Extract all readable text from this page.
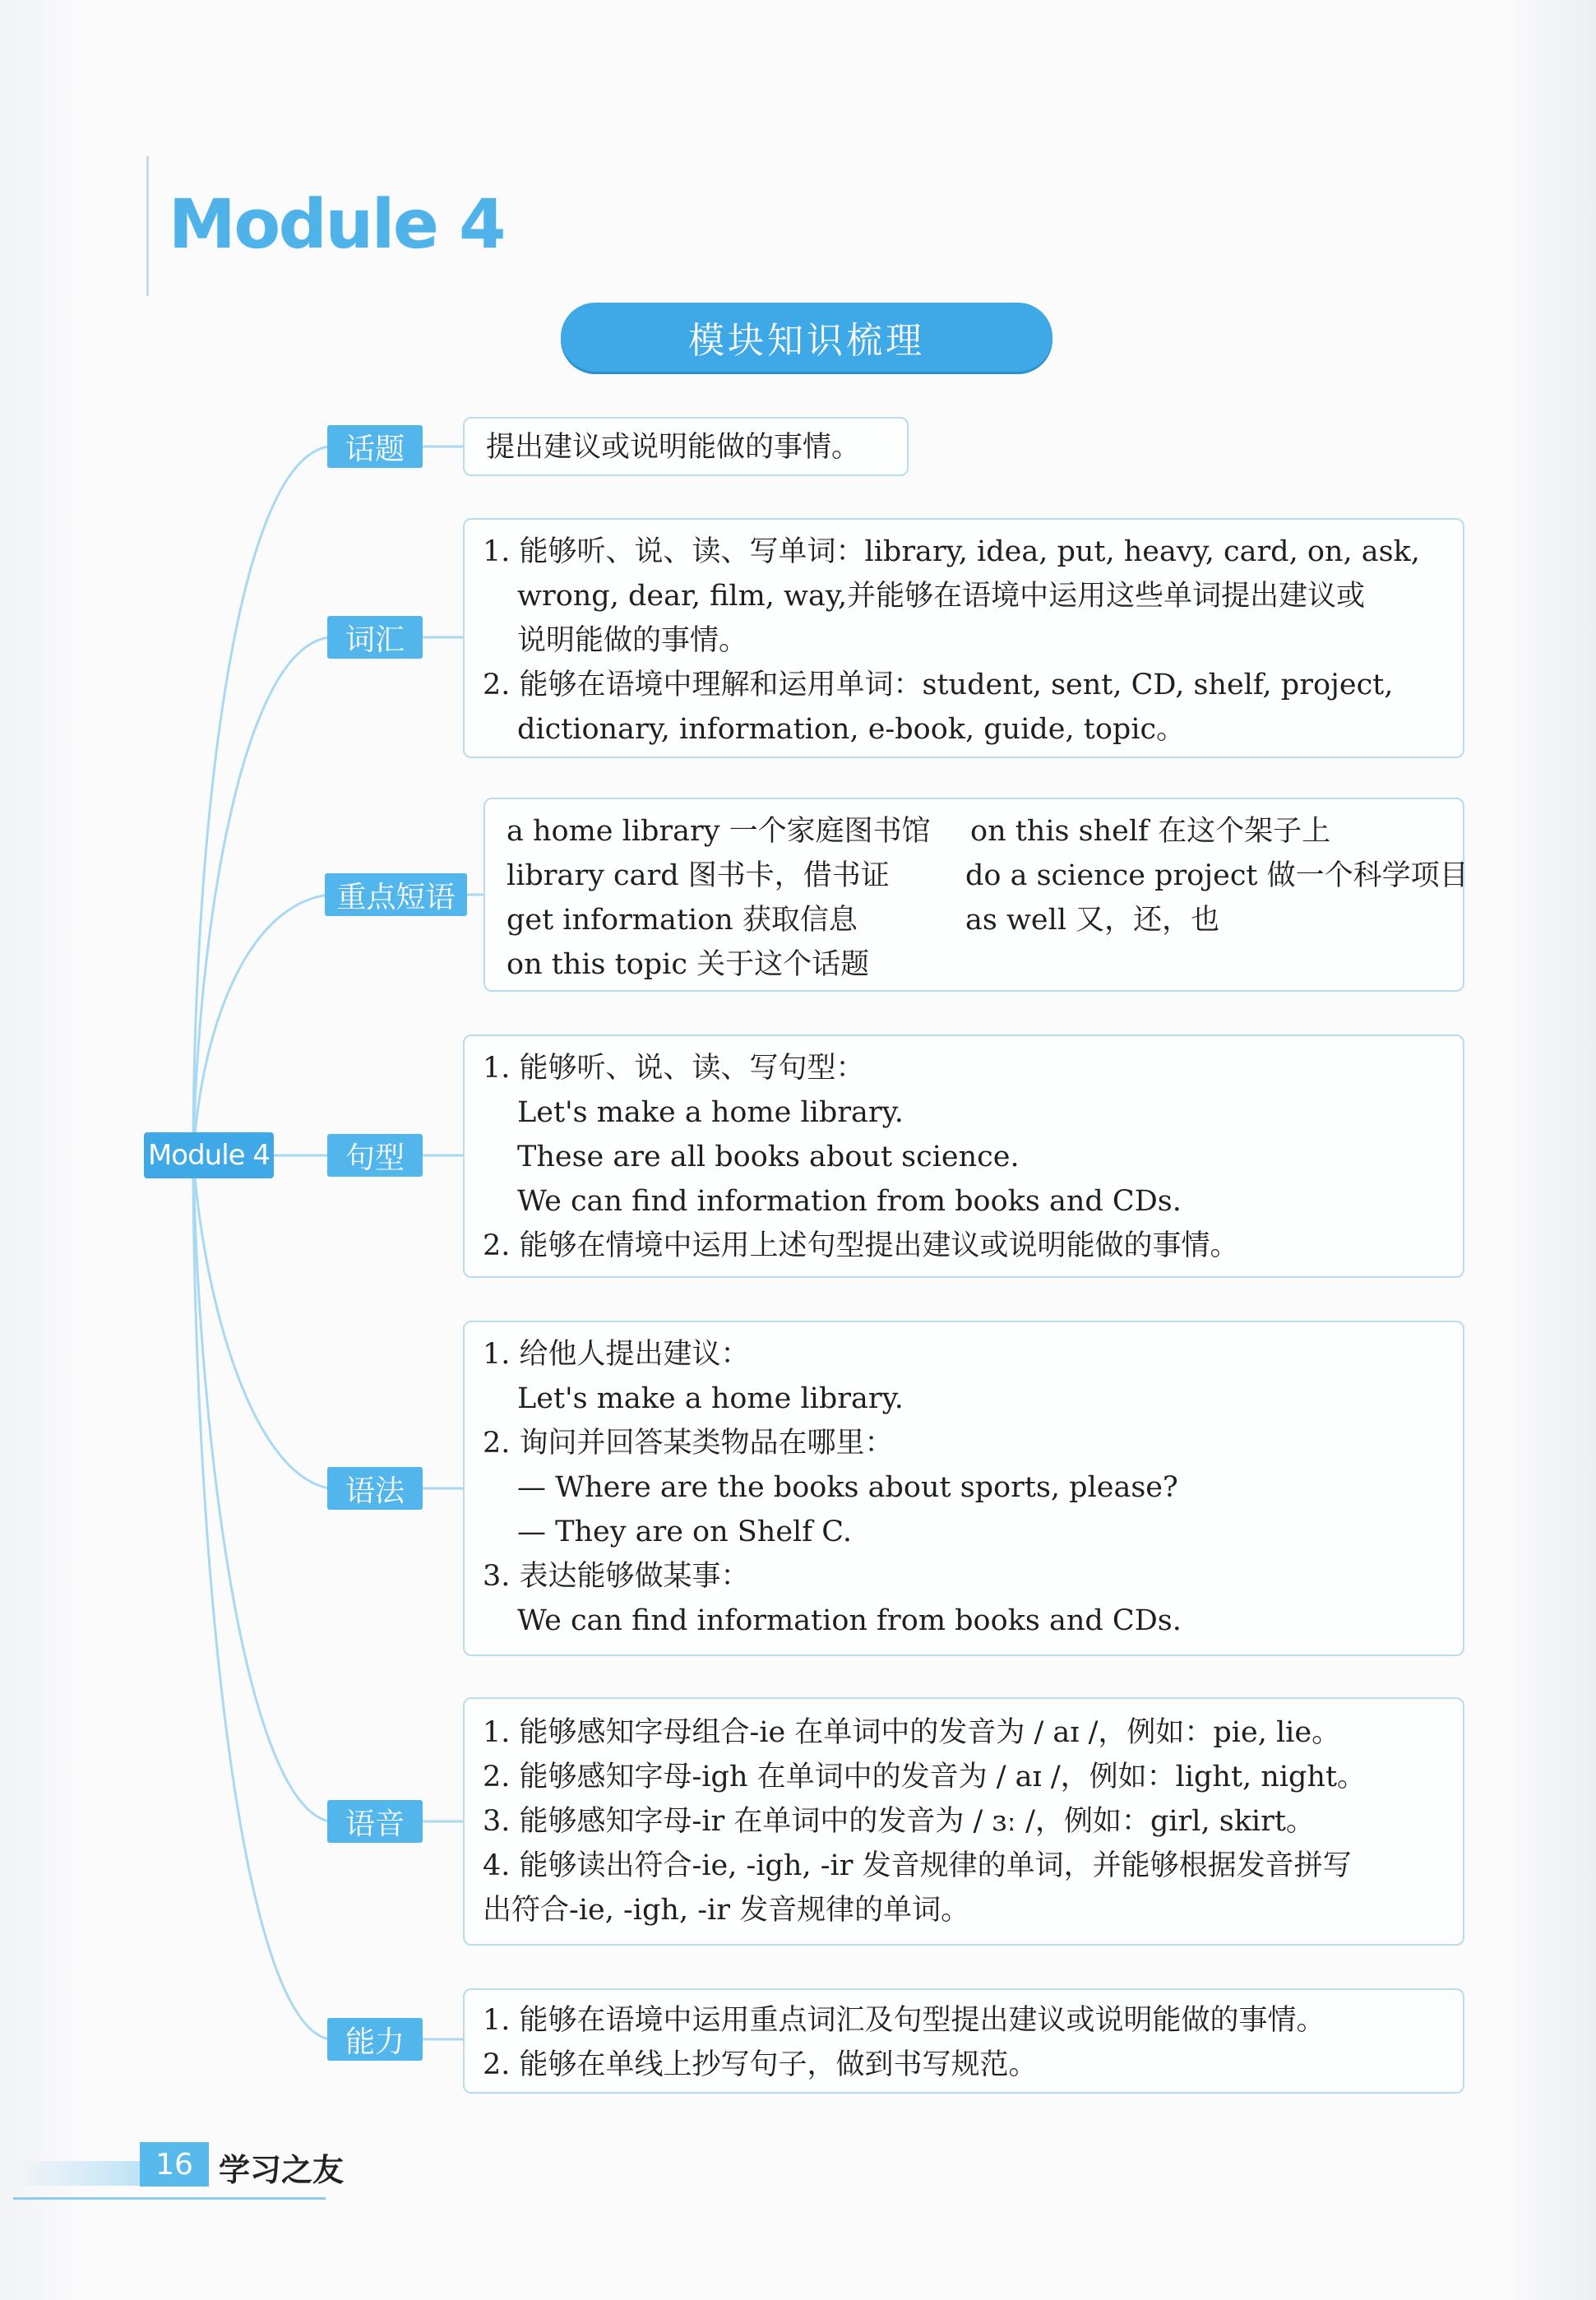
Module 4
模块知识梳理
Module 4
话题	提出建议或说明能做的事情。
词汇
1. 能够听、说、读、写单词：library, idea, put, heavy, card, on, ask,
wrong, dear, film, way,并能够在语境中运用这些单词提出建议或
说明能做的事情。
2. 能够在语境中理解和运用单词：student, sent, CD, shelf, project,
dictionary, information, e-book, guide, topic。
重点短语
a home library 一个家庭图书馆
library card 图书卡，借书证
get information 获取信息
on this topic 关于这个话题
on this shelf 在这个架子上
do a science project 做一个科学项目
as well 又，还，也
句型
1. 能够听、说、读、写句型：
Let's make a home library.
These are all books about science.
We can find information from books and CDs.
2. 能够在情境中运用上述句型提出建议或说明能做的事情。
语法
1. 给他人提出建议：
Let's make a home library.
2. 询问并回答某类物品在哪里：
— Where are the books about sports, please?
— They are on Shelf C.
3. 表达能够做某事：
We can find information from books and CDs.
语音
1. 能够感知字母组合-ie 在单词中的发音为 / aɪ /，例如：pie, lie。
2. 能够感知字母-igh 在单词中的发音为 / aɪ /，例如：light, night。
3. 能够感知字母-ir 在单词中的发音为 / ɜː /，例如：girl, skirt。
4. 能够读出符合-ie, -igh, -ir 发音规律的单词，并能够根据发音拼写
出符合-ie, -igh, -ir 发音规律的单词。
能力
1. 能够在语境中运用重点词汇及句型提出建议或说明能做的事情。
2. 能够在单线上抄写句子，做到书写规范。
16 学习之友
